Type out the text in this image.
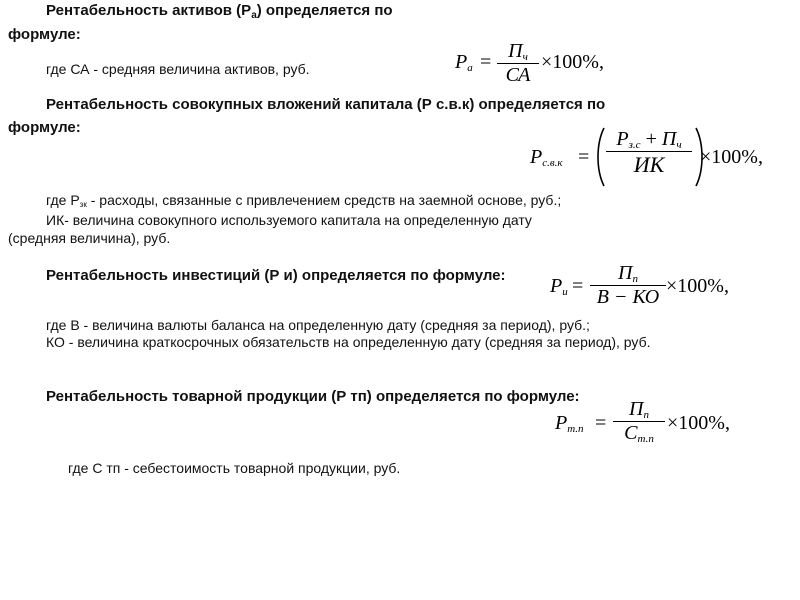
Рентабельность активов $(Р_а)$ определяется по
формуле:
где СА - средняя величина активов, руб.	$P_а = П_ч$
СА
×100%,
Рентабельность совокупных вложений капитала (Р с.в.к) определяется по
формуле:
$P_{с.в.к}$ =
$Р_{з.с} + П_ч$
ИК	×100%,
где Рзк - расходы, связанные с привлечением средств на заемной основе, руб.;
ИК- величина совокупного используемого капитала на определенную дату
(средняя величина), руб.
Рентабельность инвестиций (Р и) определяется по формуле: $P_и$ =
$П_п$
В − КО ×100%,
где В - величина валюты баланса на определенную дату (средняя за период), руб.;
КО - величина краткосрочных обязательств на определенную дату (средняя за период), руб.
Рентабельность товарной продукции (Р тп) определяется по формуле:
$P_{т.п}$ =
$П_п$
$С_{т.п}$
×100%,
где С тп - себестоимость товарной продукции, руб.
